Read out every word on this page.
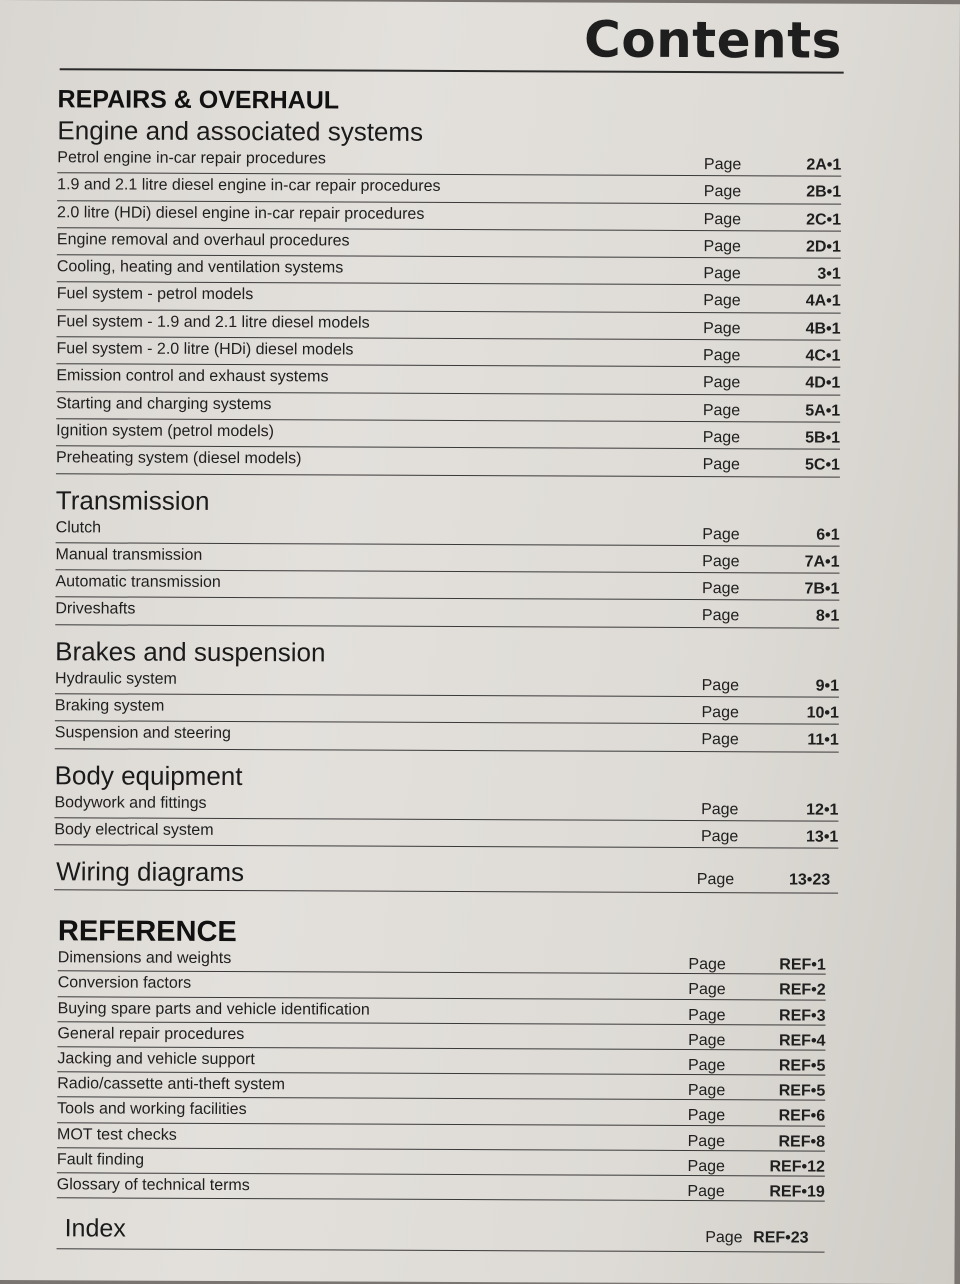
Contents
REPAIRS & OVERHAUL
Engine and associated systems
Petrol engine in-car repair procedures	Page	2A•1
1.9 and 2.1 litre diesel engine in-car repair procedures	Page	2B•1
2.0 litre (HDi) diesel engine in-car repair procedures	Page	2C•1
Engine removal and overhaul procedures	Page	2D•1
Cooling, heating and ventilation systems	Page	3•1
Fuel system - petrol models	Page	4A•1
Fuel system - 1.9 and 2.1 litre diesel models	Page	4B•1
Fuel system - 2.0 litre (HDi) diesel models	Page	4C•1
Emission control and exhaust systems	Page	4D•1
Starting and charging systems	Page	5A•1
Ignition system (petrol models)	Page	5B•1
Preheating system (diesel models)	Page	5C•1
Transmission
Clutch	Page	6•1
Manual transmission	Page	7A•1
Automatic transmission	Page	7B•1
Driveshafts	Page	8•1
Brakes and suspension
Hydraulic system	Page	9•1
Braking system	Page	10•1
Suspension and steering	Page	11•1
Body equipment
Bodywork and fittings	Page	12•1
Body electrical system	Page	13•1
Wiring diagrams	Page	13•23
REFERENCE
Dimensions and weights	Page	REF•1
Conversion factors	Page	REF•2
Buying spare parts and vehicle identification	Page	REF•3
General repair procedures	Page	REF•4
Jacking and vehicle support	Page	REF•5
Radio/cassette anti-theft system	Page	REF•5
Tools and working facilities	Page	REF•6
MOT test checks	Page	REF•8
Fault finding	Page	REF•12
Glossary of technical terms	Page	REF•19
Index	Page REF•23
